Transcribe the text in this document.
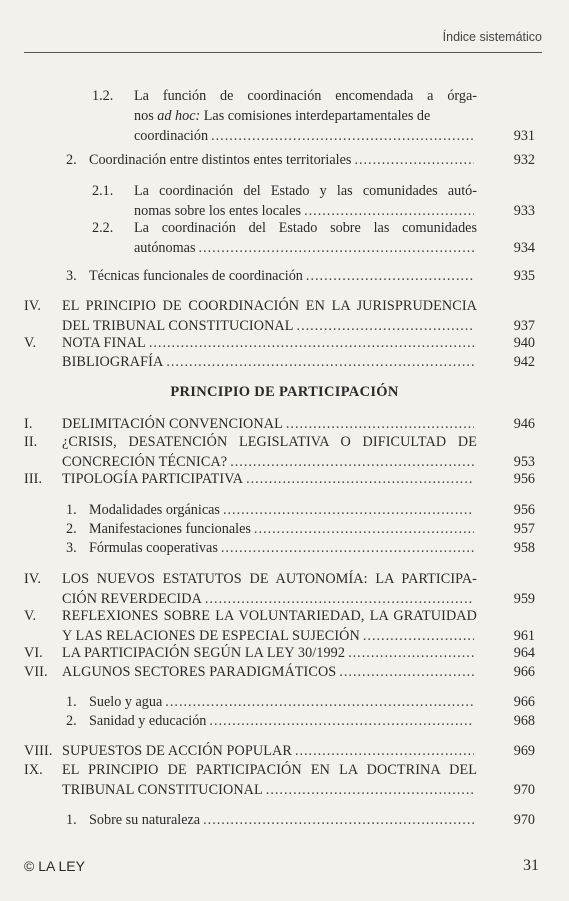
Índice sistemático
1.2. La función de coordinación encomendada a órga-
nos ad hoc: Las comisiones interdepartamentales de
coordinación .....	931
2. Coordinación entre distintos entes territoriales .....	932
2.1. La coordinación del Estado y las comunidades autó-
nomas sobre los entes locales .....	933
2.2. La coordinación del Estado sobre las comunidades
autónomas .....	934
3. Técnicas funcionales de coordinación .....	935
IV. EL PRINCIPIO DE COORDINACIÓN EN LA JURISPRUDENCIA
DEL TRIBUNAL CONSTITUCIONAL .....	937
V. NOTA FINAL .....	940
BIBLIOGRAFÍA .....	942
PRINCIPIO DE PARTICIPACIÓN
I. DELIMITACIÓN CONVENCIONAL .....	946
II. ¿CRISIS, DESATENCIÓN LEGISLATIVA O DIFICULTAD DE
CONCRECIÓN TÉCNICA? .....	953
III. TIPOLOGÍA PARTICIPATIVA .....	956
1. Modalidades orgánicas .....	956
2. Manifestaciones funcionales .....	957
3. Fórmulas cooperativas .....	958
IV. LOS NUEVOS ESTATUTOS DE AUTONOMÍA: LA PARTICIPA-
CIÓN REVERDECIDA .....	959
V. REFLEXIONES SOBRE LA VOLUNTARIEDAD, LA GRATUIDAD
Y LAS RELACIONES DE ESPECIAL SUJECIÓN .....	961
VI. LA PARTICIPACIÓN SEGÚN LA LEY 30/1992 .....	964
VII. ALGUNOS SECTORES PARADIGMÁTICOS .....	966
1. Suelo y agua .....	966
2. Sanidad y educación .....	968
VIII. SUPUESTOS DE ACCIÓN POPULAR .....	969
IX. EL PRINCIPIO DE PARTICIPACIÓN EN LA DOCTRINA DEL
TRIBUNAL CONSTITUCIONAL .....	970
1. Sobre su naturaleza .....	970
© LA LEY	31
